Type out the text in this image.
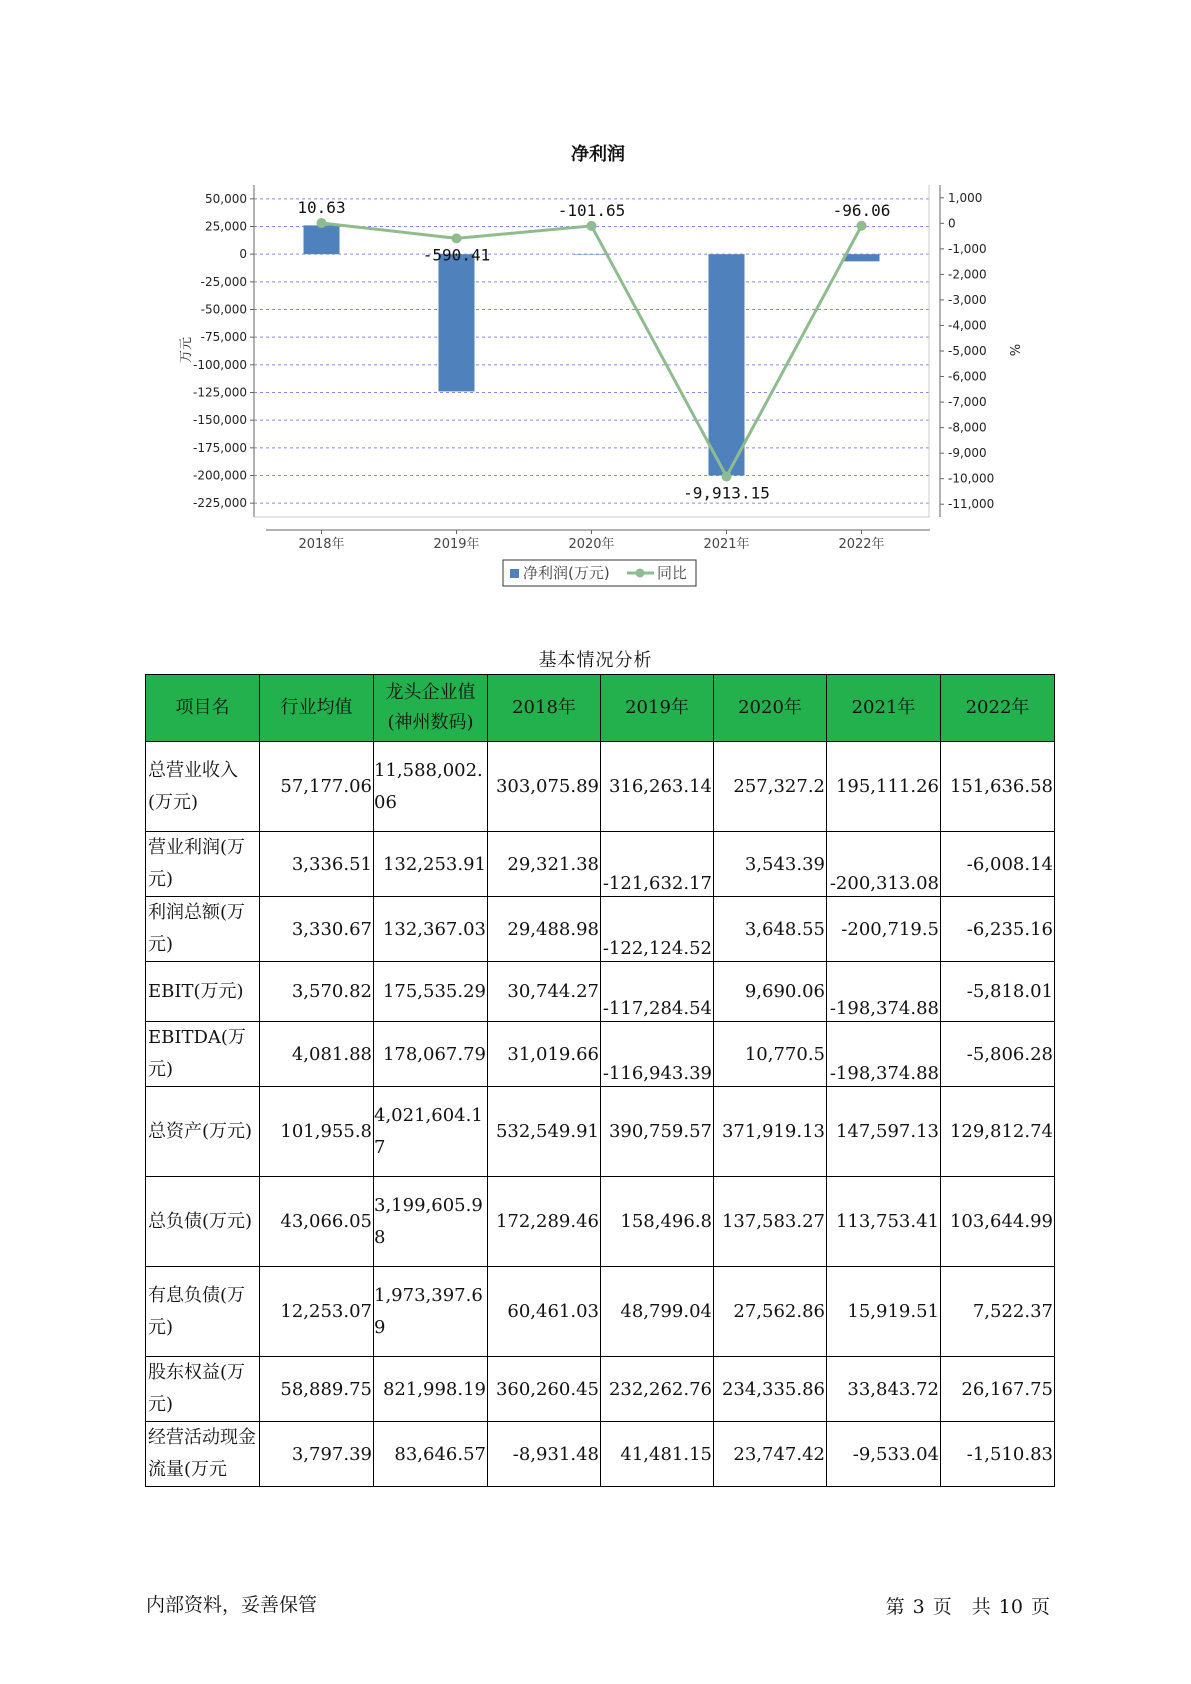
净利润
50,000
25,000
0
-25,000
-50,000
-75,000
-100,000
-125,000
-150,000
-175,000
-200,000
-225,000
1,000
0
-1,000
-2,000
-3,000
-4,000
-5,000
-6,000
-7,000
-8,000
-9,000
-10,000
-11,000
2018年	2019年	2020年	2021年	2022年
10.63
-590.41
-101.65
-9,913.15
-96.06
万元	%
净利润(万元)	同比
基本情况分析
项目名	行业均值	龙头企业值(神州数码)	2018年	2019年	2020年	2021年	2022年
总营业收入(万元)	57,177.06	11,588,002.06	303,075.89	316,263.14	257,327.2	195,111.26	151,636.58
营业利润(万元)	3,336.51	132,253.91	29,321.38	-121,632.17	3,543.39	-200,313.08	-6,008.14
利润总额(万元)	3,330.67	132,367.03	29,488.98	-122,124.52	3,648.55	-200,719.5	-6,235.16
EBIT(万元)	3,570.82	175,535.29	30,744.27	-117,284.54	9,690.06	-198,374.88	-5,818.01
EBITDA(万元)	4,081.88	178,067.79	31,019.66	-116,943.39	10,770.5	-198,374.88	-5,806.28
总资产(万元)	101,955.8	4,021,604.17	532,549.91	390,759.57	371,919.13	147,597.13	129,812.74
总负债(万元)	43,066.05	3,199,605.98	172,289.46	158,496.8	137,583.27	113,753.41	103,644.99
有息负债(万元)	12,253.07	1,973,397.69	60,461.03	48,799.04	27,562.86	15,919.51	7,522.37
股东权益(万元)	58,889.75	821,998.19	360,260.45	232,262.76	234,335.86	33,843.72	26,167.75
经营活动现金流量(万元	3,797.39	83,646.57	-8,931.48	41,481.15	23,747.42	-9,533.04	-1,510.83
内部资料，妥善保管	第 3 页 共 10 页
